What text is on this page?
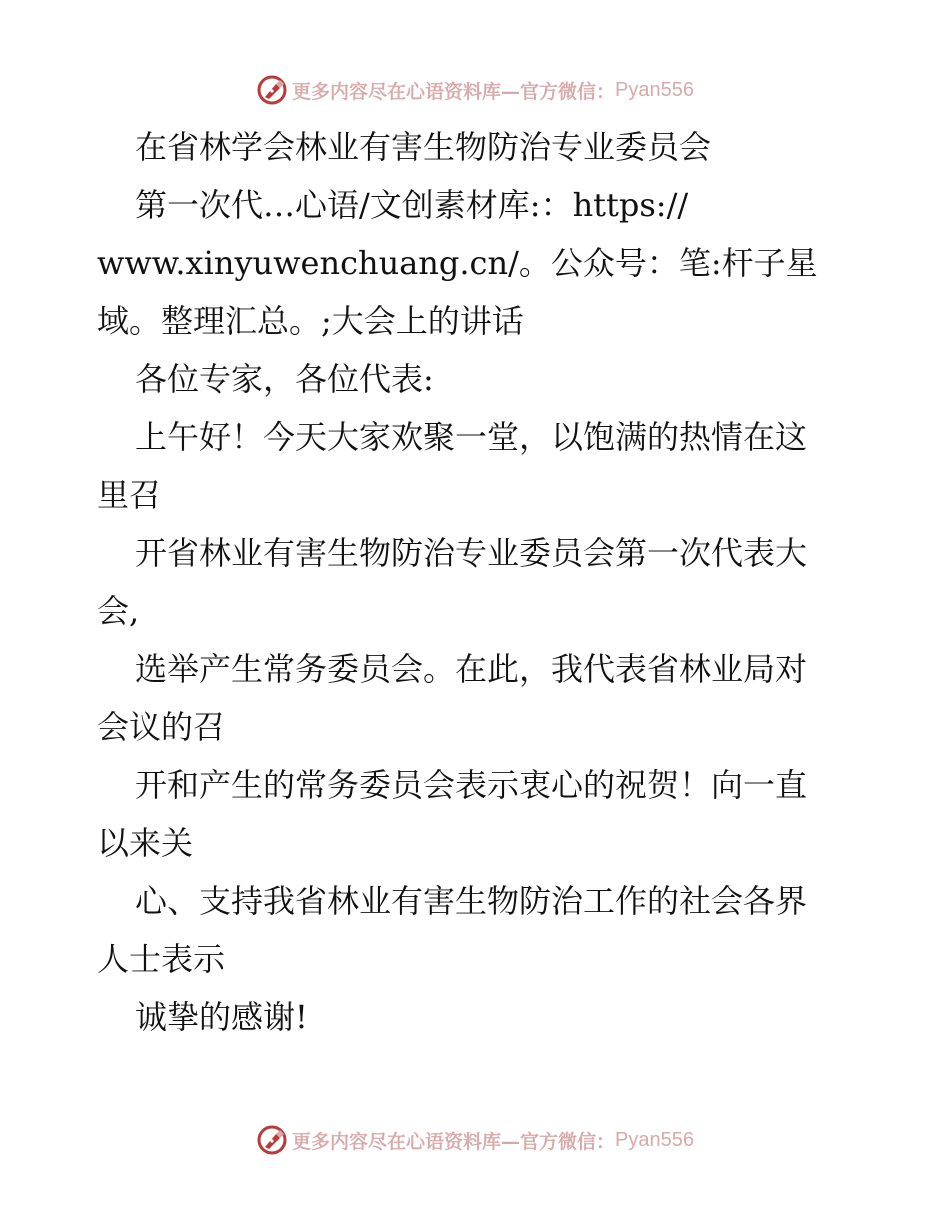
更多内容尽在心语资料库—官方微信： Pyan556
在省林学会林业有害生物防治专业委员会
第一次代…心语/文创素材库:：https://
www.xinyuwenchuang.cn/。公众号：笔:杆子星
域。整理汇总。;大会上的讲话
各位专家，各位代表:
上午好！今天大家欢聚一堂，以饱满的热情在这
里召
开省林业有害生物防治专业委员会第一次代表大
会,
选举产生常务委员会。在此，我代表省林业局对
会议的召
开和产生的常务委员会表示衷心的祝贺！向一直
以来关
心、支持我省林业有害生物防治工作的社会各界
人士表示
诚挚的感谢!
更多内容尽在心语资料库—官方微信： Pyan556
